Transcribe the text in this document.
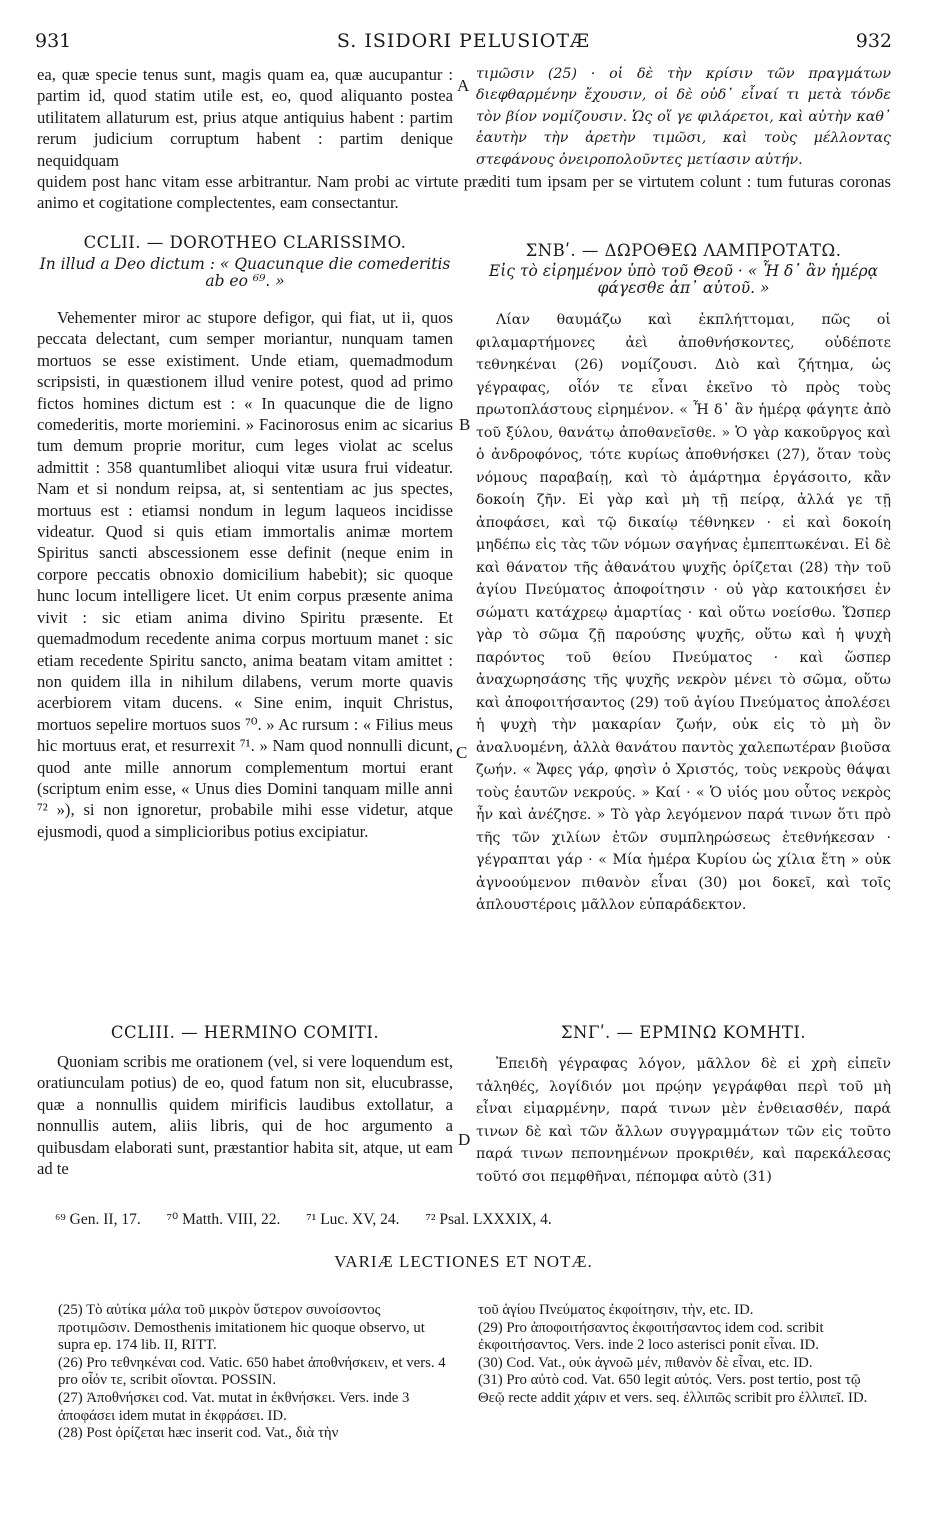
931	S. ISIDORI PELUSIOTÆ	932
ea, quæ specie tenus sunt, magis quam ea, quæ aucupantur : partim id, quod statim utile est, eo, quod aliquanto postea utilitatem allaturum est, prius atque antiquius habent : partim rerum judicium corruptum habent : partim denique nequidquam
A
τιμῶσιν (25) · οἱ δὲ τὴν κρίσιν τῶν πραγμάτων διεφθαρμένην ἔχουσιν, οἱ δὲ οὐδ᾽ εἶναί τι μετὰ τόνδε τὸν βίον νομίζουσιν. Ὡς οἵ γε φιλάρετοι, καὶ αὐτὴν καθ᾽ ἑαυτὴν τὴν ἀρετὴν τιμῶσι, καὶ τοὺς μέλλοντας στεφάνους ὀνειροπολοῦντες μετίασιν αὐτήν.
quidem post hanc vitam esse arbitrantur. Nam probi ac virtute præditi tum ipsam per se virtutem colunt : tum futuras coronas animo et cogitatione complectentes, eam consectantur.
CCLII. — DOROTHEO CLARISSIMO.
In illud a Deo dictum : « Quacunque die comederitis ab eo ⁶⁹. »
ΣΝΒʹ. — ΔΩΡΟΘΕΩ ΛΑΜΠΡΟΤΑΤΩ.
Εἰς τὸ εἰρημένον ὑπὸ τοῦ Θεοῦ · « Ἧ δ᾽ ἂν ἡμέρᾳ φάγεσθε ἀπ᾽ αὐτοῦ. »
Vehementer miror ac stupore defigor, qui fiat, ut ii, quos peccata delectant, cum semper moriantur, nunquam tamen mortuos se esse existiment. Unde etiam, quemadmodum scripsisti, in quæstionem illud venire potest, quod ad primo fictos homines dictum est : « In quacunque die de ligno comederitis, morte moriemini. » Facinorosus enim ac sicarius tum demum proprie moritur, cum leges violat ac scelus admittit : 358 quantumlibet alioqui vitæ usura frui videatur. Nam et si nondum reipsa, at, si sententiam ac jus spectes, mortuus est : etiamsi nondum in legum laqueos incidisse videatur. Quod si quis etiam immortalis animæ mortem Spiritus sancti abscessionem esse definit (neque enim in corpore peccatis obnoxio domicilium habebit); sic quoque hunc locum intelligere licet. Ut enim corpus præsente anima vivit : sic etiam anima divino Spiritu præsente. Et quemadmodum recedente anima corpus mortuum manet : sic etiam recedente Spiritu sancto, anima beatam vitam amittet : non quidem illa in nihilum dilabens, verum morte quavis acerbiorem vitam ducens. « Sine enim, inquit Christus, mortuos sepelire mortuos suos ⁷⁰. » Ac rursum : « Filius meus hic mortuus erat, et resurrexit ⁷¹. » Nam quod nonnulli dicunt, quod ante mille annorum complementum mortui erant (scriptum enim esse, « Unus dies Domini tanquam mille anni ⁷² »), si non ignoretur, probabile mihi esse videtur, atque ejusmodi, quod a simplicioribus potius excipiatur.
B
C
Λίαν θαυμάζω καὶ ἐκπλήττομαι, πῶς οἱ φιλαμαρτήμονες ἀεὶ ἀποθνήσκοντες, οὐδέποτε τεθνηκέναι (26) νομίζουσι. Διὸ καὶ ζήτημα, ὡς γέγραφας, οἷόν τε εἶναι ἐκεῖνο τὸ πρὸς τοὺς πρωτοπλάστους εἰρημένον. « Ἧ δ᾽ ἂν ἡμέρᾳ φάγητε ἀπὸ τοῦ ξύλου, θανάτῳ ἀποθανεῖσθε. » Ὁ γὰρ κακοῦργος καὶ ὁ ἀνδροφόνος, τότε κυρίως ἀποθνήσκει (27), ὅταν τοὺς νόμους παραβαίῃ, καὶ τὸ ἁμάρτημα ἐργάσοιτο, κἂν δοκοίη ζῆν. Εἰ γὰρ καὶ μὴ τῇ πείρᾳ, ἀλλά γε τῇ ἀποφάσει, καὶ τῷ δικαίῳ τέθνηκεν · εἰ καὶ δοκοίη μηδέπω εἰς τὰς τῶν νόμων σαγήνας ἐμπεπτωκέναι. Εἰ δὲ καὶ θάνατον τῆς ἀθανάτου ψυχῆς ὁρίζεται (28) τὴν τοῦ ἁγίου Πνεύματος ἀποφοίτησιν · οὐ γὰρ κατοικήσει ἐν σώματι κατάχρεῳ ἁμαρτίας · καὶ οὕτω νοείσθω. Ὥσπερ γὰρ τὸ σῶμα ζῇ παρούσης ψυχῆς, οὕτω καὶ ἡ ψυχὴ παρόντος τοῦ θείου Πνεύματος · καὶ ὥσπερ ἀναχωρησάσης τῆς ψυχῆς νεκρὸν μένει τὸ σῶμα, οὕτω καὶ ἀποφοιτήσαντος (29) τοῦ ἁγίου Πνεύματος ἀπολέσει ἡ ψυχὴ τὴν μακαρίαν ζωήν, οὐκ εἰς τὸ μὴ ὂν ἀναλυομένη, ἀλλὰ θανάτου παντὸς χαλεπωτέραν βιοῦσα ζωήν. « Ἄφες γάρ, φησὶν ὁ Χριστός, τοὺς νεκροὺς θάψαι τοὺς ἑαυτῶν νεκρούς. » Καί · « Ὁ υἱός μου οὗτος νεκρὸς ἦν καὶ ἀνέζησε. » Τὸ γὰρ λεγόμενον παρά τινων ὅτι πρὸ τῆς τῶν χιλίων ἐτῶν συμπληρώσεως ἐτεθνήκεσαν · γέγραπται γάρ · « Μία ἡμέρα Κυρίου ὡς χίλια ἔτη » οὐκ ἀγνοούμενον πιθανὸν εἶναι (30) μοι δοκεῖ, καὶ τοῖς ἁπλουστέροις μᾶλλον εὐπαράδεκτον.
CCLIII. — HERMINO COMITI.	ΣΝΓʹ. — ΕΡΜΙΝΩ ΚΟΜΗΤΙ.
Quoniam scribis me orationem (vel, si vere loquendum est, oratiunculam potius) de eo, quod fatum non sit, elucubrasse, quæ a nonnullis quidem mirificis laudibus extollatur, a nonnullis autem, aliis libris, qui de hoc argumento a quibusdam elaborati sunt, præstantior habita sit, atque, ut eam ad te
D
Ἐπειδὴ γέγραφας λόγον, μᾶλλον δὲ εἰ χρὴ εἰπεῖν τἀληθές, λογίδιόν μοι πρῴην γεγράφθαι περὶ τοῦ μὴ εἶναι εἱμαρμένην, παρά τινων μὲν ἐνθειασθέν, παρά τινων δὲ καὶ τῶν ἄλλων συγγραμμάτων τῶν εἰς τοῦτο παρά τινων πεπονημένων προκριθέν, καὶ παρεκάλεσας τοῦτό σοι πεμφθῆναι, πέπομφα αὐτὸ (31)
⁶⁹ Gen. II, 17. ⁷⁰ Matth. VIII, 22. ⁷¹ Luc. XV, 24. ⁷² Psal. LXXXIX, 4.
VARIÆ LECTIONES ET NOTÆ.

(25) Τὸ αὐτίκα μάλα τοῦ μικρὸν ὕστερον συνοίσοντος προτιμῶσιν. Demosthenis imitationem hic quoque observo, ut supra ep. 174 lib. II, RITT.

(26) Pro τεθνηκέναι cod. Vatic. 650 habet ἀποθνήσκειν, et vers. 4 pro οἷόν τε, scribit οἴονται. POSSIN.

(27) Ἀποθνήσκει cod. Vat. mutat in ἐκθνήσκει. Vers. inde 3 ἀποφάσει idem mutat in ἐκφράσει. ID.

(28) Post ὁρίζεται hæc inserit cod. Vat., διὰ τὴν

τοῦ ἁγίου Πνεύματος ἐκφοίτησιν, τὴν, etc. ID.

(29) Pro ἀποφοιτήσαντος ἐκφοιτήσαντος idem cod. scribit ἐκφοιτήσαντος. Vers. inde 2 loco asterisci ponit εἶναι. ID.

(30) Cod. Vat., οὐκ ἀγνοῶ μέν, πιθανὸν δὲ εἶναι, etc. ID.

(31) Pro αὐτὸ cod. Vat. 650 legit αὐτός. Vers. post tertio, post τῷ Θεῷ recte addit χάριν et vers. seq. ἐλλιπῶς scribit pro ἐλλιπεῖ. ID.
